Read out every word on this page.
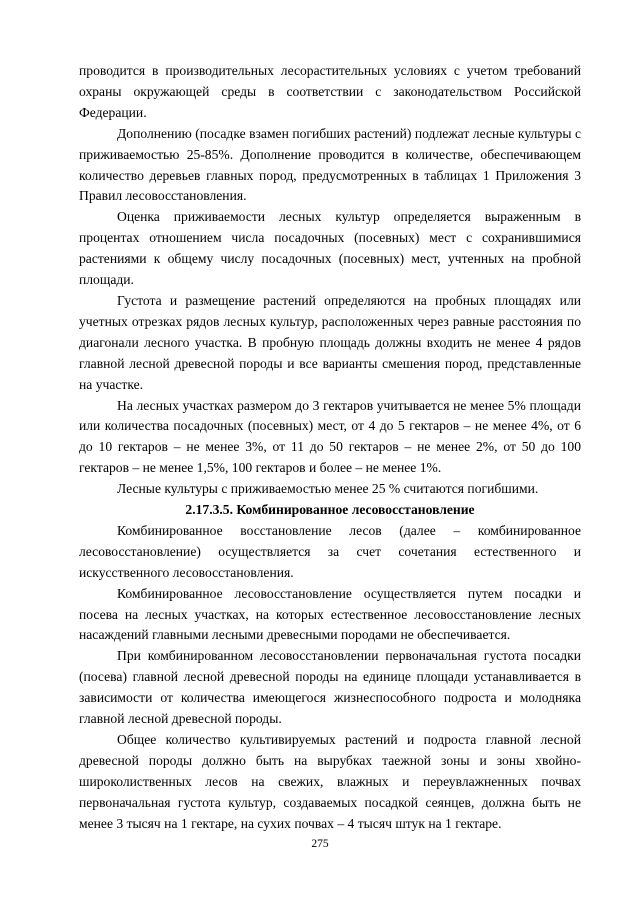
проводится в производительных лесорастительных условиях с учетом требований охраны окружающей среды в соответствии с законодательством Российской Федерации.

Дополнению (посадке взамен погибших растений) подлежат лесные культуры с приживаемостью 25-85%. Дополнение проводится в количестве, обеспечивающем количество деревьев главных пород, предусмотренных в таблицах 1 Приложения 3 Правил лесовосстановления.

Оценка приживаемости лесных культур определяется выраженным в процентах отношением числа посадочных (посевных) мест с сохранившимися растениями к общему числу посадочных (посевных) мест, учтенных на пробной площади.

Густота и размещение растений определяются на пробных площадях или учетных отрезках рядов лесных культур, расположенных через равные расстояния по диагонали лесного участка. В пробную площадь должны входить не менее 4 рядов главной лесной древесной породы и все варианты смешения пород, представленные на участке.

На лесных участках размером до 3 гектаров учитывается не менее 5% площади или количества посадочных (посевных) мест, от 4 до 5 гектаров – не менее 4%, от 6 до 10 гектаров – не менее 3%, от 11 до 50 гектаров – не менее 2%, от 50 до 100 гектаров – не менее 1,5%, 100 гектаров и более – не менее 1%.

Лесные культуры с приживаемостью менее 25 % считаются погибшими.

2.17.3.5. Комбинированное лесовосстановление

Комбинированное восстановление лесов (далее – комбинированное лесовосстановление) осуществляется за счет сочетания естественного и искусственного лесовосстановления.

Комбинированное лесовосстановление осуществляется путем посадки и посева на лесных участках, на которых естественное лесовосстановление лесных насаждений главными лесными древесными породами не обеспечивается.

При комбинированном лесовосстановлении первоначальная густота посадки (посева) главной лесной древесной породы на единице площади устанавливается в зависимости от количества имеющегося жизнеспособного подроста и молодняка главной лесной древесной породы.

Общее количество культивируемых растений и подроста главной лесной древесной породы должно быть на вырубках таежной зоны и зоны хвойно-широколиственных лесов на свежих, влажных и переувлажненных почвах первоначальная густота культур, создаваемых посадкой сеянцев, должна быть не менее 3 тысяч на 1 гектаре, на сухих почвах – 4 тысяч штук на 1 гектаре.

275
